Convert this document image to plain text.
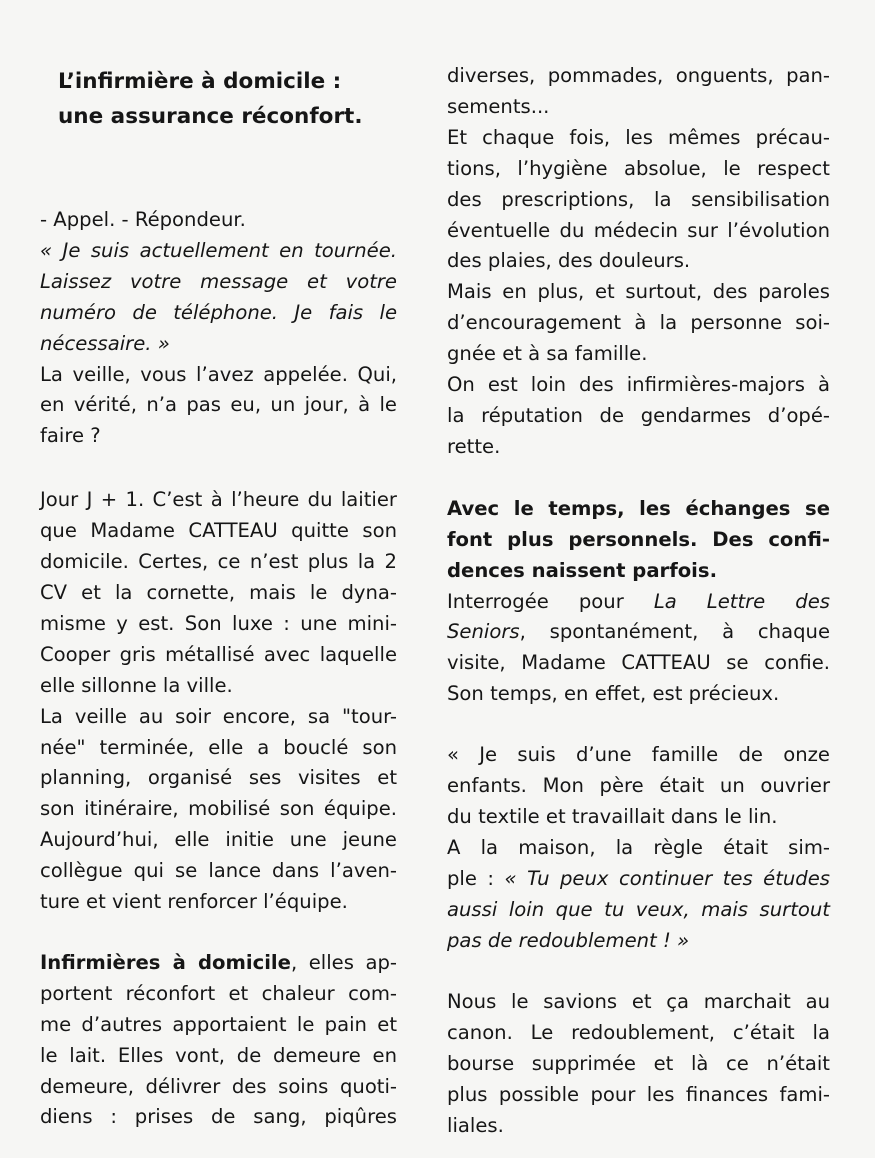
L’infirmière à domicile :
une assurance réconfort.

- Appel. - Répondeur.

« Je suis actuellement en tournée.
Laissez votre message et votre
numéro de téléphone. Je fais le
nécessaire. »

La veille, vous l’avez appelée. Qui,
en vérité, n’a pas eu, un jour, à le
faire ?

Jour J + 1. C’est à l’heure du laitier
que Madame CATTEAU quitte son
domicile. Certes, ce n’est plus la 2
CV et la cornette, mais le dyna-
misme y est. Son luxe : une mini-
Cooper gris métallisé avec laquelle
elle sillonne la ville.

La veille au soir encore, sa "tour-
née" terminée, elle a bouclé son
planning, organisé ses visites et
son itinéraire, mobilisé son équipe.
Aujourd’hui, elle initie une jeune
collègue qui se lance dans l’aven-
ture et vient renforcer l’équipe.

Infirmières à domicile, elles ap-
portent réconfort et chaleur com-
me d’autres apportaient le pain et
le lait. Elles vont, de demeure en
demeure, délivrer des soins quoti-
diens : prises de sang, piqûres

diverses, pommades, onguents, pan-
sements...

Et chaque fois, les mêmes précau-
tions, l’hygiène absolue, le respect
des prescriptions, la sensibilisation
éventuelle du médecin sur l’évolution
des plaies, des douleurs.

Mais en plus, et surtout, des paroles
d’encouragement à la personne soi-
gnée et à sa famille.

On est loin des infirmières-majors à
la réputation de gendarmes d’opé-
rette.

Avec le temps, les échanges se
font plus personnels. Des confi-
dences naissent parfois.

Interrogée pour La Lettre des
Seniors, spontanément, à chaque
visite, Madame CATTEAU se confie.
Son temps, en effet, est précieux.

« Je suis d’une famille de onze
enfants. Mon père était un ouvrier
du textile et travaillait dans le lin.
A la maison, la règle était sim-
ple : « Tu peux continuer tes études
aussi loin que tu veux, mais surtout
pas de redoublement ! »

Nous le savions et ça marchait au
canon. Le redoublement, c’était la
bourse supprimée et là ce n’était
plus possible pour les finances fami-
liales.
